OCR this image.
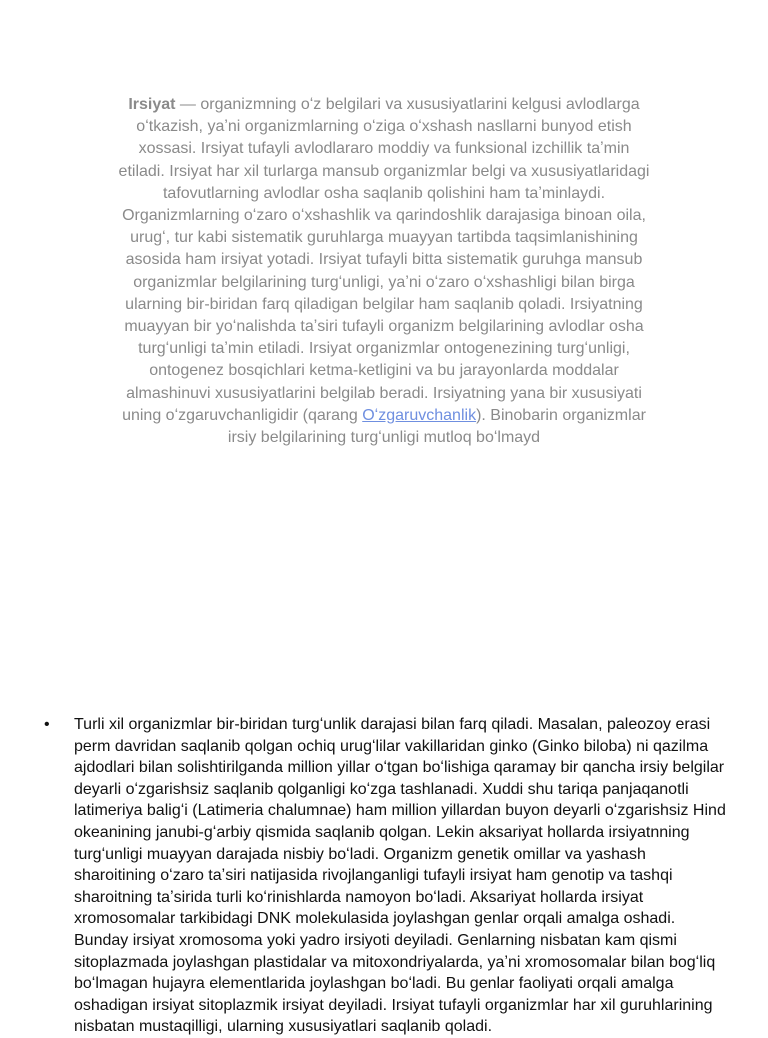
Irsiyat — organizmning oʻz belgilari va xususiyatlarini kelgusi avlodlarga oʻtkazish, yaʼni organizmlarning oʻziga oʻxshash nasllarni bunyod etish xossasi. Irsiyat tufayli avlodlararo moddiy va funksional izchillik taʼmin etiladi. Irsiyat har xil turlarga mansub organizmlar belgi va xususiyatlaridagi tafovutlarning avlodlar osha saqlanib qolishini ham taʼminlaydi. Organizmlarning oʻzaro oʻxshashlik va qarindoshlik darajasiga binoan oila, urugʻ, tur kabi sistematik guruhlarga muayyan tartibda taqsimlanishining asosida ham irsiyat yotadi. Irsiyat tufayli bitta sistematik guruhga mansub organizmlar belgilarining turgʻunligi, yaʼni oʻzaro oʻxshashligi bilan birga ularning bir-biridan farq qiladigan belgilar ham saqlanib qoladi. Irsiyatning muayyan bir yoʻnalishda taʼsiri tufayli organizm belgilarining avlodlar osha turgʻunligi taʼmin etiladi. Irsiyat organizmlar ontogenezining turgʻunligi, ontogenez bosqichlari ketma-ketligini va bu jarayonlarda moddalar almashinuvi xususiyatlarini belgilab beradi. Irsiyatning yana bir xususiyati uning oʻzgaruvchanligidir (qarang Oʻzgaruvchanlik). Binobarin organizmlar irsiy belgilarining turgʻunligi mutloq boʻlmayd
• Turli xil organizmlar bir-biridan turgʻunlik darajasi bilan farq qiladi. Masalan, paleozoy erasi perm davridan saqlanib qolgan ochiq urugʻlilar vakillaridan ginko (Ginko biloba) ni qazilma ajdodlari bilan solishtirilganda million yillar oʻtgan boʻlishiga qaramay bir qancha irsiy belgilar deyarli oʻzgarishsiz saqlanib qolganligi koʻzga tashlanadi. Xuddi shu tariqa panjaqanotli latimeriya baligʻi (Latimeria chalumnae) ham million yillardan buyon deyarli oʻzgarishsiz Hind okeanining janubi-gʻarbiy qismida saqlanib qolgan. Lekin aksariyat hollarda irsiyatnning turgʻunligi muayyan darajada nisbiy boʻladi. Organizm genetik omillar va yashash sharoitining oʻzaro taʼsiri natijasida rivojlanganligi tufayli irsiyat ham genotip va tashqi sharoitning taʼsirida turli koʻrinishlarda namoyon boʻladi. Aksariyat hollarda irsiyat xromosomalar tarkibidagi DNK molekulasida joylashgan genlar orqali amalga oshadi. Bunday irsiyat xromosoma yoki yadro irsiyoti deyiladi. Genlarning nisbatan kam qismi sitoplazmada joylashgan plastidalar va mitoxondriyalarda, yaʼni xromosomalar bilan bogʻliq boʻlmagan hujayra elementlarida joylashgan boʻladi. Bu genlar faoliyati orqali amalga oshadigan irsiyat sitoplazmik irsiyat deyiladi. Irsiyat tufayli organizmlar har xil guruhlarining nisbatan mustaqilligi, ularning xususiyatlari saqlanib qoladi.
